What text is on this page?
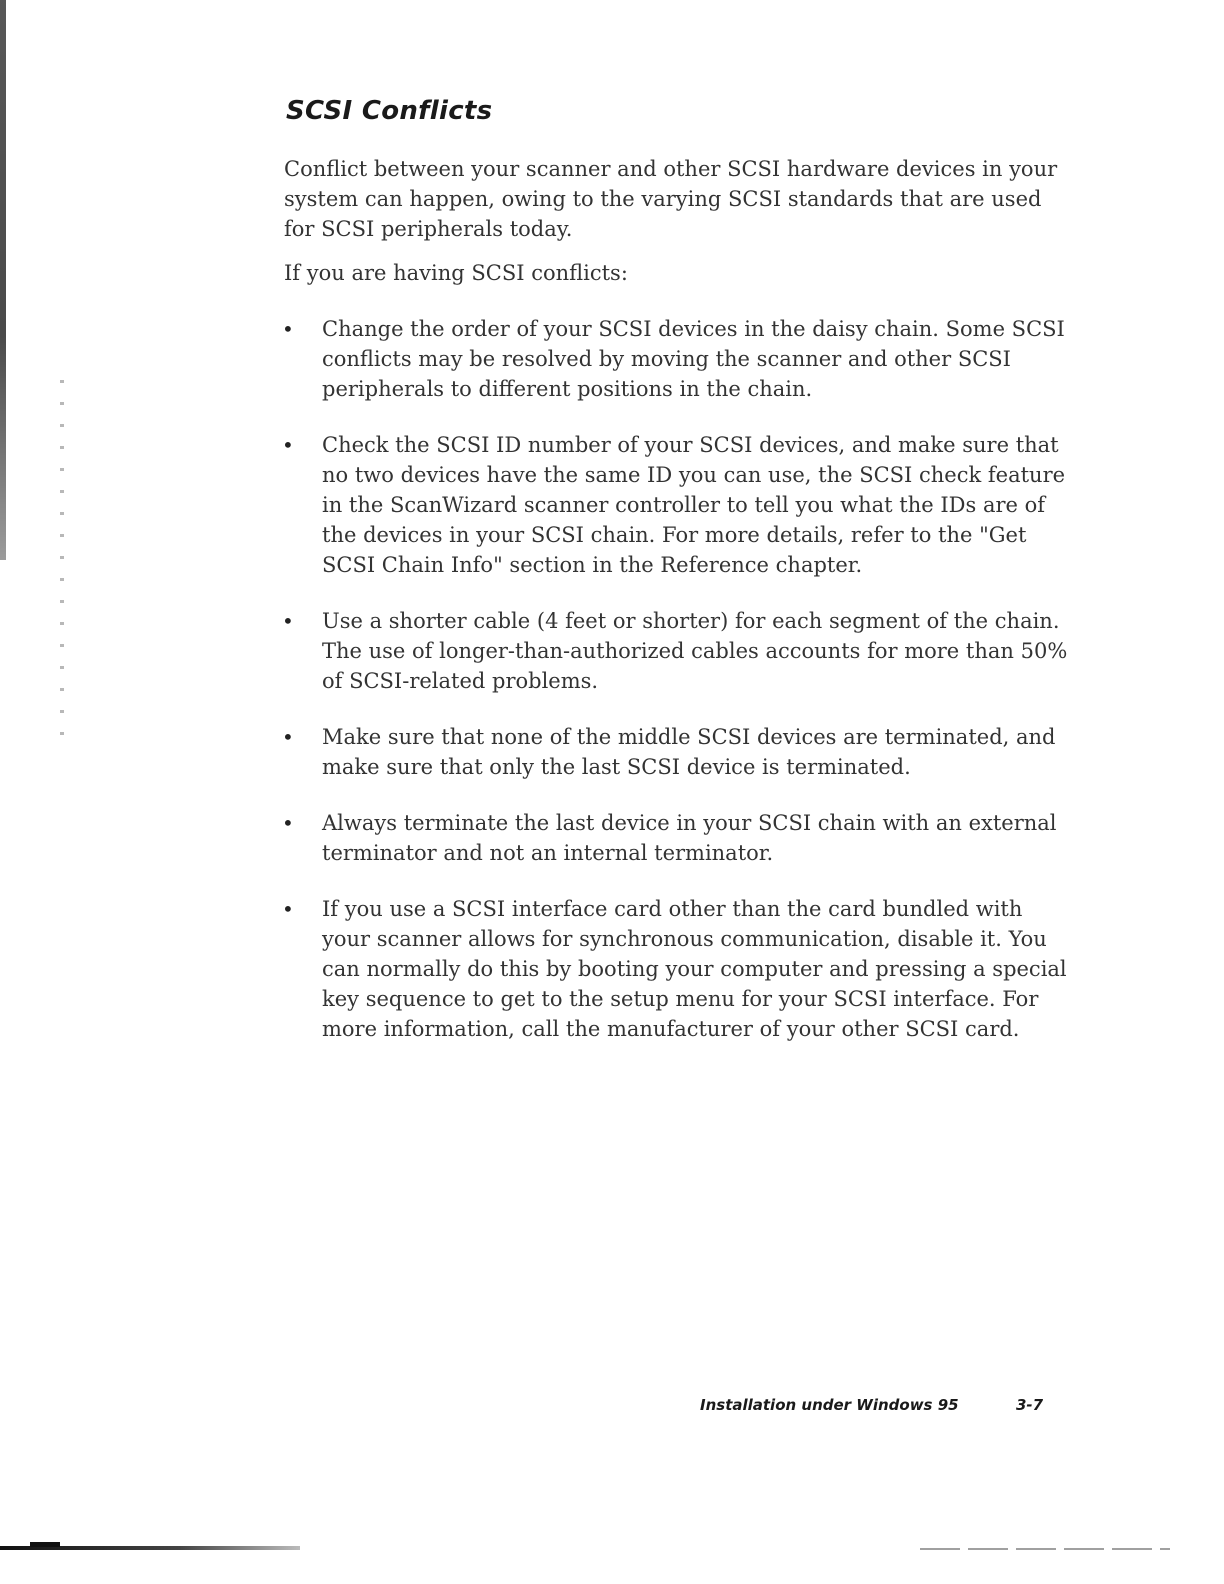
SCSI Conflicts

Conflict between your scanner and other SCSI hardware devices in your system can happen, owing to the varying SCSI standards that are used for SCSI peripherals today.

If you are having SCSI conflicts:

• Change the order of your SCSI devices in the daisy chain. Some SCSI conflicts may be resolved by moving the scanner and other SCSI peripherals to different positions in the chain.
• Check the SCSI ID number of your SCSI devices, and make sure that no two devices have the same ID you can use, the SCSI check feature in the ScanWizard scanner controller to tell you what the IDs are of the devices in your SCSI chain. For more details, refer to the "Get SCSI Chain Info" section in the Reference chapter.
• Use a shorter cable (4 feet or shorter) for each segment of the chain. The use of longer-than-authorized cables accounts for more than 50% of SCSI-related problems.
• Make sure that none of the middle SCSI devices are terminated, and make sure that only the last SCSI device is terminated.
• Always terminate the last device in your SCSI chain with an external terminator and not an internal terminator.
• If you use a SCSI interface card other than the card bundled with your scanner allows for synchronous communication, disable it. You can normally do this by booting your computer and pressing a special key sequence to get to the setup menu for your SCSI interface. For more information, call the manufacturer of your other SCSI card.
Installation under Windows 95	3-7
